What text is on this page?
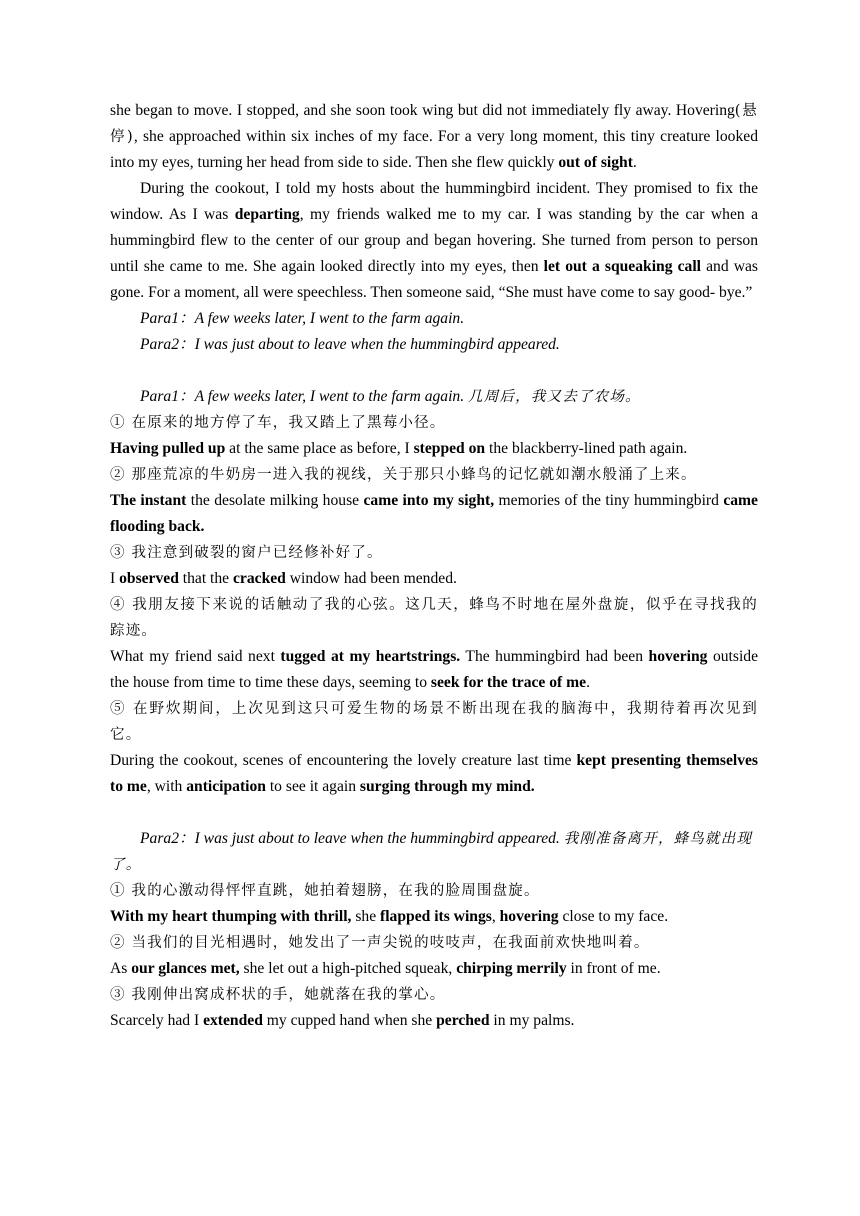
she began to move. I stopped, and she soon took wing but did not immediately fly away. Hovering(悬停), she approached within six inches of my face. For a very long moment, this tiny creature looked into my eyes, turning her head from side to side. Then she flew quickly out of sight.

During the cookout, I told my hosts about the hummingbird incident. They promised to fix the window. As I was departing, my friends walked me to my car. I was standing by the car when a hummingbird flew to the center of our group and began hovering. She turned from person to person until she came to me. She again looked directly into my eyes, then let out a squeaking call and was gone. For a moment, all were speechless. Then someone said, “She must have come to say good- bye.”

Para1：A few weeks later, I went to the farm again.

Para2：I was just about to leave when the hummingbird appeared.

Para1：A few weeks later, I went to the farm again. 几周后，我又去了农场。

① 在原来的地方停了车，我又踏上了黑莓小径。

Having pulled up at the same place as before, I stepped on the blackberry-lined path again.

② 那座荒凉的牛奶房一进入我的视线，关于那只小蜂鸟的记忆就如潮水般涌了上来。

The instant the desolate milking house came into my sight, memories of the tiny hummingbird came flooding back.

③ 我注意到破裂的窗户已经修补好了。

I observed that the cracked window had been mended.

④ 我朋友接下来说的话触动了我的心弦。这几天，蜂鸟不时地在屋外盘旋，似乎在寻找我的踪迹。

What my friend said next tugged at my heartstrings. The hummingbird had been hovering outside the house from time to time these days, seeming to seek for the trace of me.

⑤ 在野炊期间，上次见到这只可爱生物的场景不断出现在我的脑海中，我期待着再次见到它。

During the cookout, scenes of encountering the lovely creature last time kept presenting themselves to me, with anticipation to see it again surging through my mind.

Para2：I was just about to leave when the hummingbird appeared. 我刚准备离开，蜂鸟就出现了。

① 我的心激动得怦怦直跳，她拍着翅膀，在我的脸周围盘旋。

With my heart thumping with thrill, she flapped its wings, hovering close to my face.

② 当我们的目光相遇时，她发出了一声尖锐的吱吱声，在我面前欢快地叫着。

As our glances met, she let out a high-pitched squeak, chirping merrily in front of me.

③ 我刚伸出窝成杯状的手，她就落在我的掌心。

Scarcely had I extended my cupped hand when she perched in my palms.
